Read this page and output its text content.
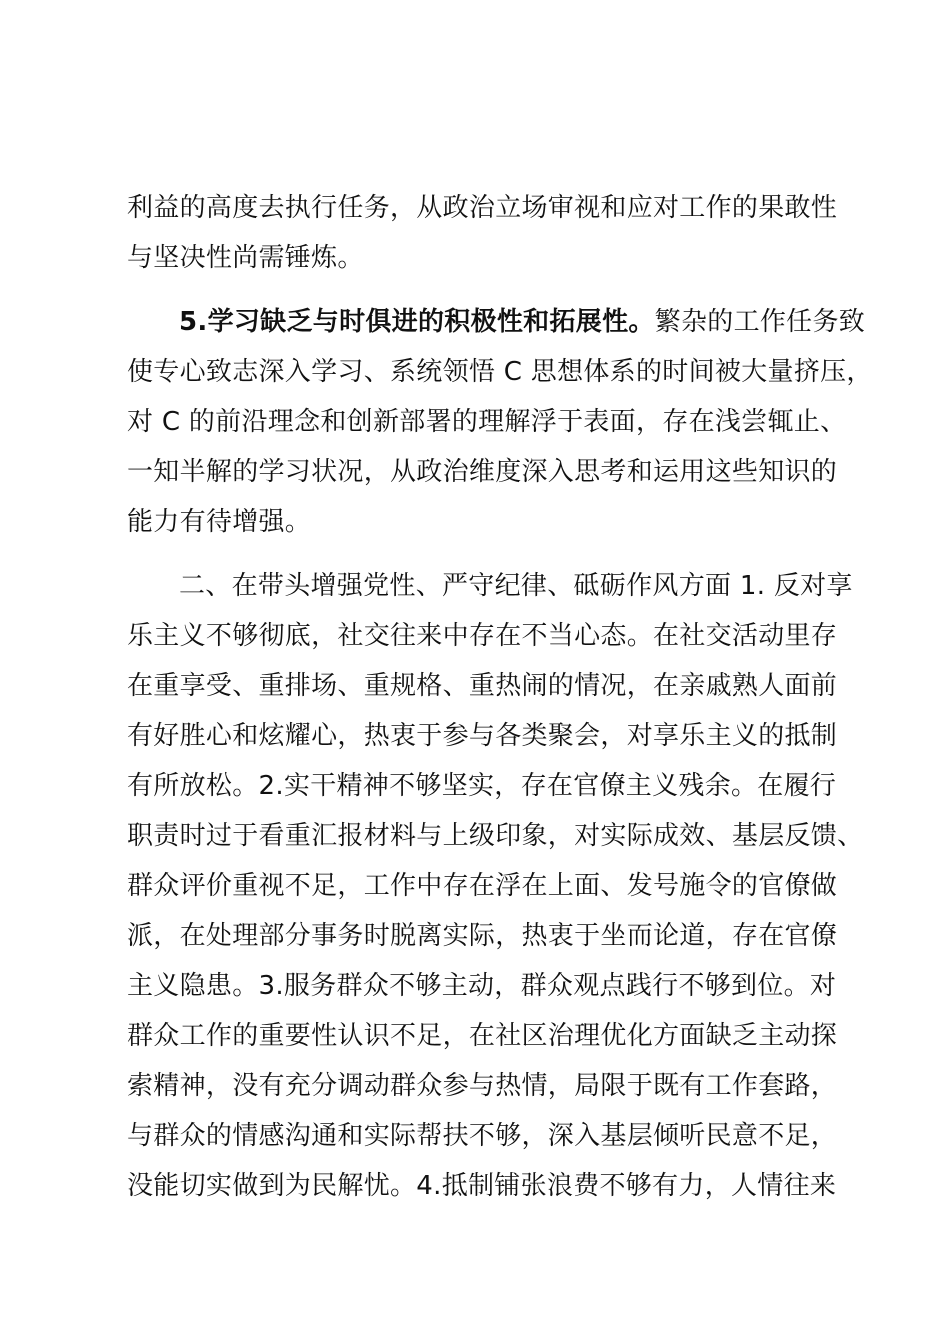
利益的高度去执行任务，从政治立场审视和应对工作的果敢性
与坚决性尚需锤炼。
5.学习缺乏与时俱进的积极性和拓展性。繁杂的工作任务致
使专心致志深入学习、系统领悟 C 思想体系的时间被大量挤压，
对 C 的前沿理念和创新部署的理解浮于表面，存在浅尝辄止、
一知半解的学习状况，从政治维度深入思考和运用这些知识的
能力有待增强。
二、在带头增强党性、严守纪律、砥砺作风方面 1. 反对享
乐主义不够彻底，社交往来中存在不当心态。在社交活动里存
在重享受、重排场、重规格、重热闹的情况，在亲戚熟人面前
有好胜心和炫耀心，热衷于参与各类聚会，对享乐主义的抵制
有所放松。2.实干精神不够坚实，存在官僚主义残余。在履行
职责时过于看重汇报材料与上级印象，对实际成效、基层反馈、
群众评价重视不足，工作中存在浮在上面、发号施令的官僚做
派，在处理部分事务时脱离实际，热衷于坐而论道，存在官僚
主义隐患。3.服务群众不够主动，群众观点践行不够到位。对
群众工作的重要性认识不足，在社区治理优化方面缺乏主动探
索精神，没有充分调动群众参与热情，局限于既有工作套路，
与群众的情感沟通和实际帮扶不够，深入基层倾听民意不足，
没能切实做到为民解忧。4.抵制铺张浪费不够有力，人情往来
